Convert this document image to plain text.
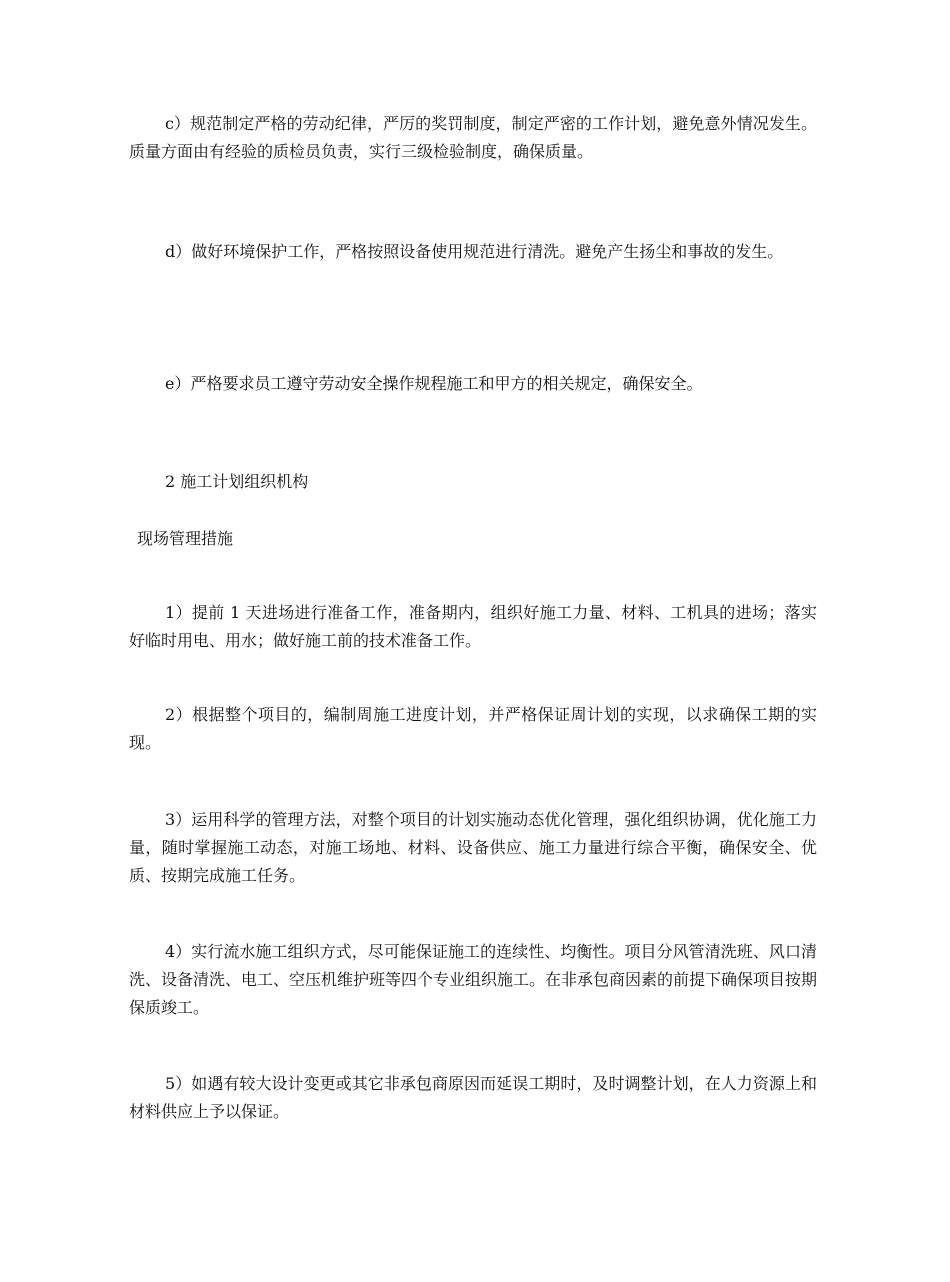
c）规范制定严格的劳动纪律，严厉的奖罚制度，制定严密的工作计划，避免意外情况发生。质量方面由有经验的质检员负责，实行三级检验制度，确保质量。

d）做好环境保护工作，严格按照设备使用规范进行清洗。避免产生扬尘和事故的发生。

e）严格要求员工遵守劳动安全操作规程施工和甲方的相关规定，确保安全。

2 施工计划组织机构

现场管理措施

1）提前 1 天进场进行准备工作，准备期内，组织好施工力量、材料、工机具的进场；落实好临时用电、用水；做好施工前的技术准备工作。

2）根据整个项目的，编制周施工进度计划，并严格保证周计划的实现，以求确保工期的实现。

3）运用科学的管理方法，对整个项目的计划实施动态优化管理，强化组织协调，优化施工力量，随时掌握施工动态，对施工场地、材料、设备供应、施工力量进行综合平衡，确保安全、优质、按期完成施工任务。

4）实行流水施工组织方式，尽可能保证施工的连续性、均衡性。项目分风管清洗班、风口清洗、设备清洗、电工、空压机维护班等四个专业组织施工。在非承包商因素的前提下确保项目按期保质竣工。

5）如遇有较大设计变更或其它非承包商原因而延误工期时，及时调整计划，在人力资源上和材料供应上予以保证。
